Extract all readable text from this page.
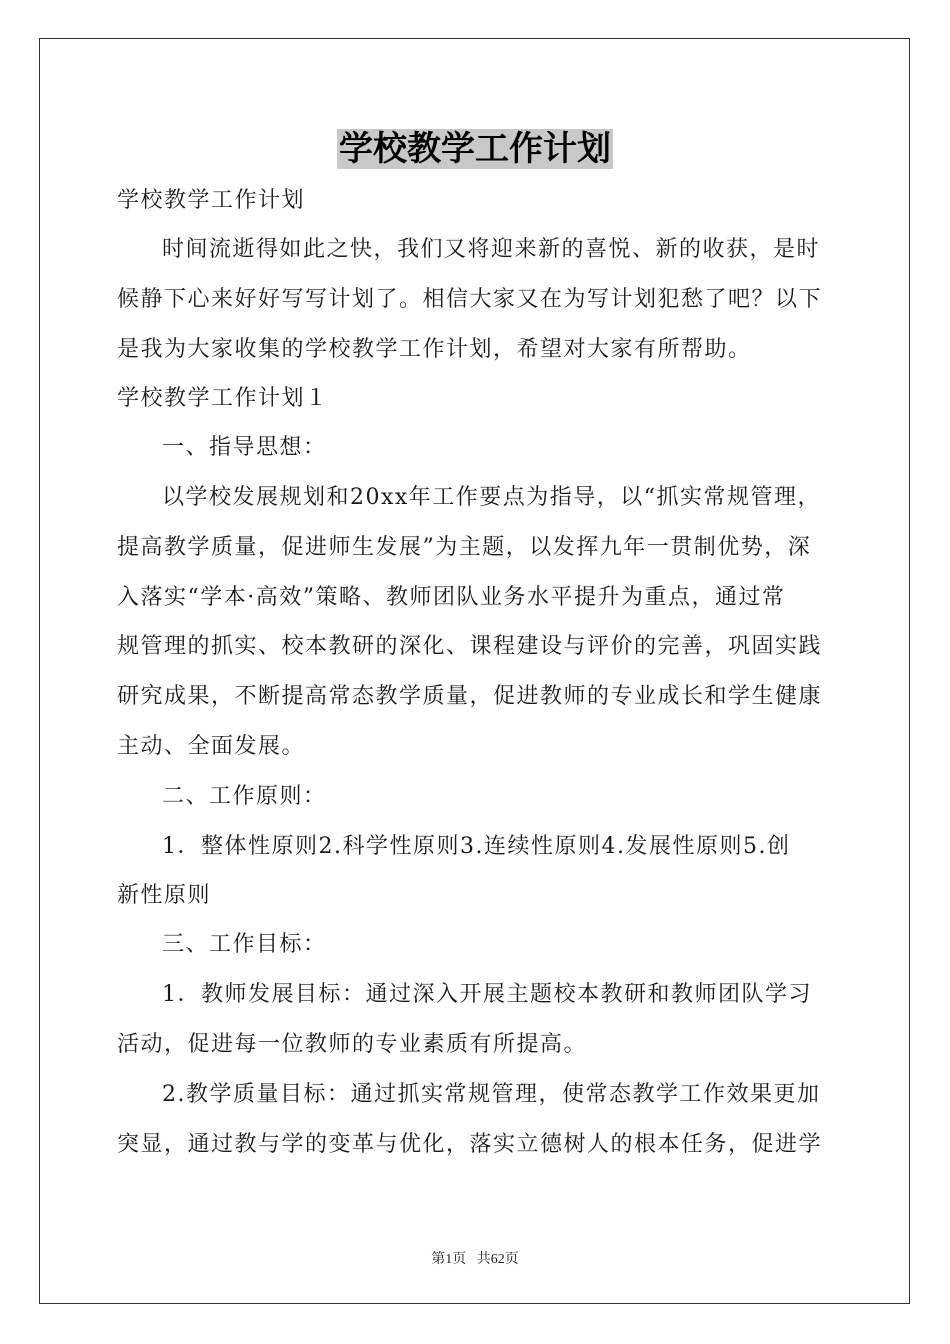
学校教学工作计划
学校教学工作计划
时间流逝得如此之快，我们又将迎来新的喜悦、新的收获，是时
候静下心来好好写写计划了。相信大家又在为写计划犯愁了吧？以下
是我为大家收集的学校教学工作计划，希望对大家有所帮助。
学校教学工作计划１
一、指导思想：
以学校发展规划和20xx年工作要点为指导，以“抓实常规管理，
提高教学质量，促进师生发展”为主题，以发挥九年一贯制优势，深
入落实“学本·高效”策略、教师团队业务水平提升为重点，通过常
规管理的抓实、校本教研的深化、课程建设与评价的完善，巩固实践
研究成果，不断提高常态教学质量，促进教师的专业成长和学生健康
主动、全面发展。
二、工作原则：
1．整体性原则2.科学性原则3.连续性原则4.发展性原则5.创
新性原则
三、工作目标：
1．教师发展目标：通过深入开展主题校本教研和教师团队学习
活动，促进每一位教师的专业素质有所提高。
2.教学质量目标：通过抓实常规管理，使常态教学工作效果更加
突显，通过教与学的变革与优化，落实立德树人的根本任务，促进学
第1页   共62页
